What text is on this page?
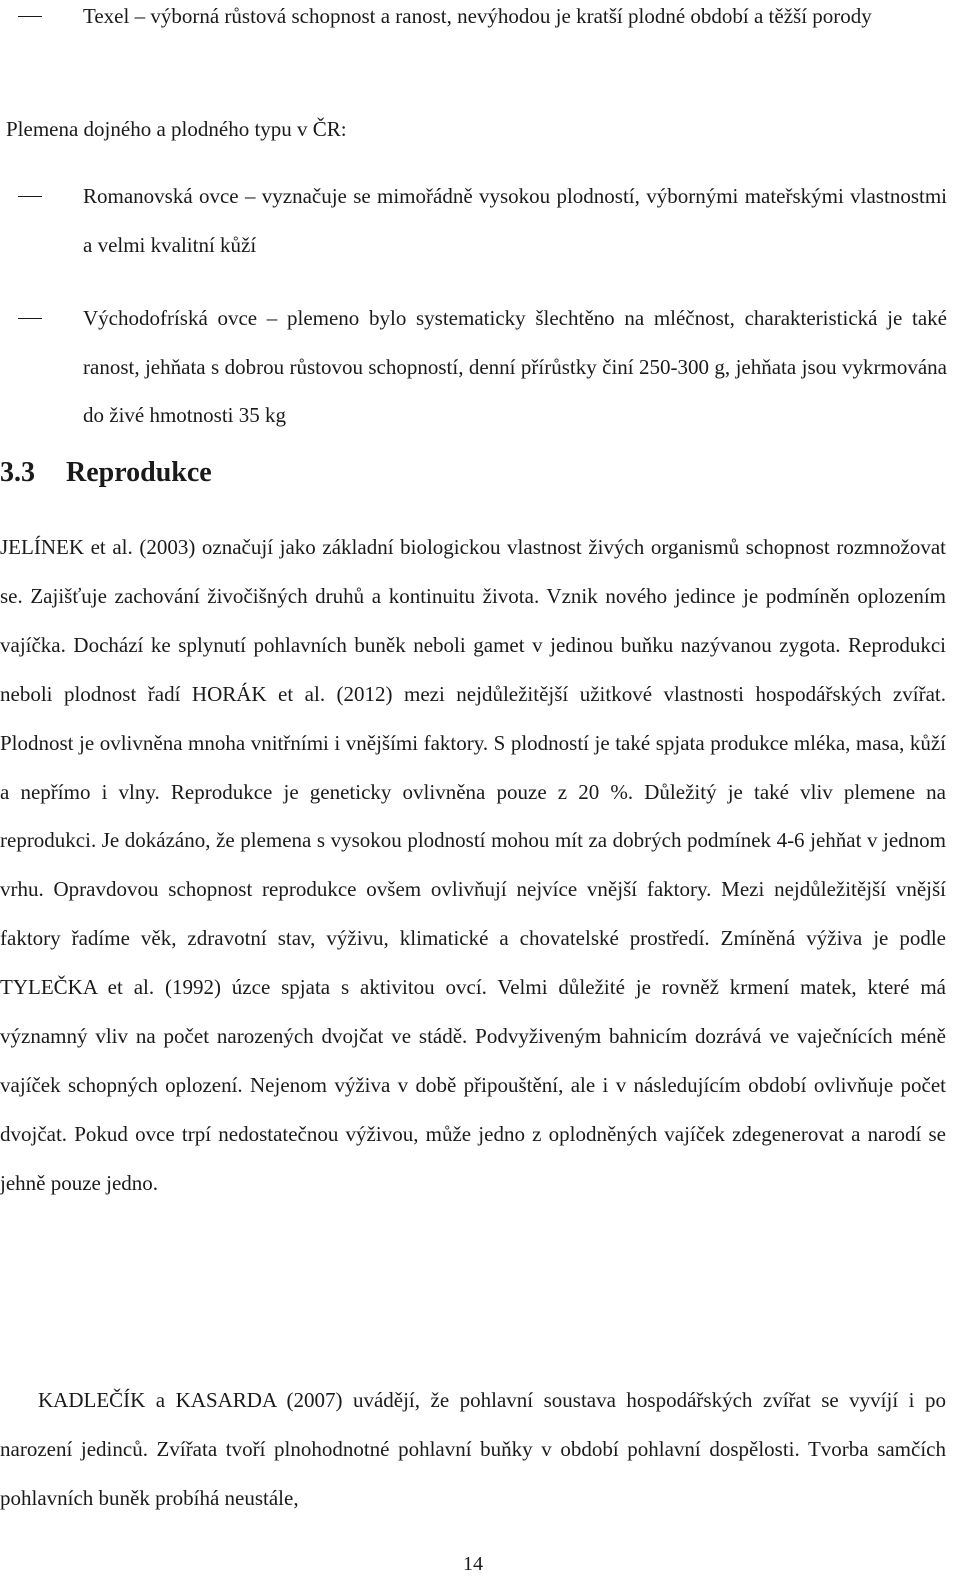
Texel – výborná růstová schopnost a ranost, nevýhodou je kratší plodné období a těžší porody
Plemena dojného a plodného typu v ČR:
Romanovská ovce – vyznačuje se mimořádně vysokou plodností, výbornými mateřskými vlastnostmi a velmi kvalitní kůží
Východofríská ovce – plemeno bylo systematicky šlechtěno na mléčnost, charakteristická je také ranost, jehňata s dobrou růstovou schopností, denní přírůstky činí 250-300 g, jehňata jsou vykrmována do živé hmotnosti 35 kg
3.3 Reprodukce

JELÍNEK et al. (2003) označují jako základní biologickou vlastnost živých organismů schopnost rozmnožovat se. Zajišťuje zachování živočišných druhů a kontinuitu života. Vznik nového jedince je podmíněn oplozením vajíčka. Dochází ke splynutí pohlavních buněk neboli gamet v jedinou buňku nazývanou zygota. Reprodukci neboli plodnost řadí HORÁK et al. (2012) mezi nejdůležitější užitkové vlastnosti hospodářských zvířat. Plodnost je ovlivněna mnoha vnitřními i vnějšími faktory. S plodností je také spjata produkce mléka, masa, kůží a nepřímo i vlny. Reprodukce je geneticky ovlivněna pouze z 20 %. Důležitý je také vliv plemene na reprodukci. Je dokázáno, že plemena s vysokou plodností mohou mít za dobrých podmínek 4-6 jehňat v jednom vrhu. Opravdovou schopnost reprodukce ovšem ovlivňují nejvíce vnější faktory. Mezi nejdůležitější vnější faktory řadíme věk, zdravotní stav, výživu, klimatické a chovatelské prostředí. Zmíněná výživa je podle TYLEČKA et al. (1992) úzce spjata s aktivitou ovcí. Velmi důležité je rovněž krmení matek, které má významný vliv na počet narozených dvojčat ve stádě. Podvyživeným bahnicím dozrává ve vaječnících méně vajíček schopných oplození. Nejenom výživa v době připouštění, ale i v následujícím období ovlivňuje počet dvojčat. Pokud ovce trpí nedostatečnou výživou, může jedno z oplodněných vajíček zdegenerovat a narodí se jehně pouze jedno.

KADLEČÍK a KASARDA (2007) uvádějí, že pohlavní soustava hospodářských zvířat se vyvíjí i po narození jedinců. Zvířata tvoří plnohodnotné pohlavní buňky v období pohlavní dospělosti. Tvorba samčích pohlavních buněk probíhá neustále,

14
